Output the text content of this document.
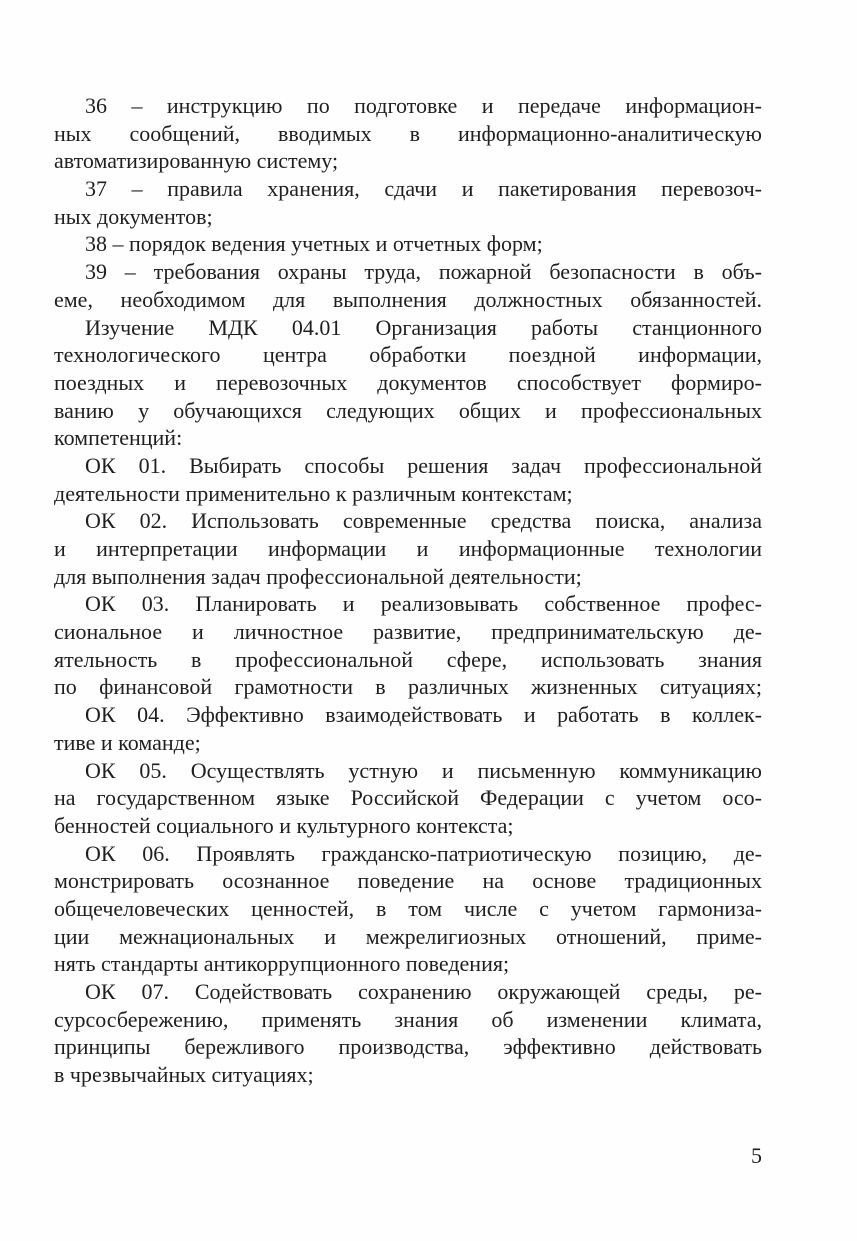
36 – инструкцию по подготовке и передаче информацион-
ных сообщений, вводимых в информационно-аналитическую
автоматизированную систему;
37 – правила хранения, сдачи и пакетирования перевозоч-
ных документов;
38 – порядок ведения учетных и отчетных форм;
39 – требования охраны труда, пожарной безопасности в объ-
еме, необходимом для выполнения должностных обязанностей.
Изучение МДК 04.01 Организация работы станционного
технологического центра обработки поездной информации,
поездных и перевозочных документов способствует формиро-
ванию у обучающихся следующих общих и профессиональных
компетенций:
ОК 01. Выбирать способы решения задач профессиональной
деятельности применительно к различным контекстам;
ОК 02. Использовать современные средства поиска, анализа
и интерпретации информации и информационные технологии
для выполнения задач профессиональной деятельности;
ОК 03. Планировать и реализовывать собственное профес-
сиональное и личностное развитие, предпринимательскую де-
ятельность в профессиональной сфере, использовать знания
по финансовой грамотности в различных жизненных ситуациях;
ОК 04. Эффективно взаимодействовать и работать в коллек-
тиве и команде;
ОК 05. Осуществлять устную и письменную коммуникацию
на государственном языке Российской Федерации с учетом осо-
бенностей социального и культурного контекста;
ОК 06. Проявлять гражданско-патриотическую позицию, де-
монстрировать осознанное поведение на основе традиционных
общечеловеческих ценностей, в том числе с учетом гармониза-
ции межнациональных и межрелигиозных отношений, приме-
нять стандарты антикоррупционного поведения;
ОК 07. Содействовать сохранению окружающей среды, ре-
сурсосбережению, применять знания об изменении климата,
принципы бережливого производства, эффективно действовать
в чрезвычайных ситуациях;
5
